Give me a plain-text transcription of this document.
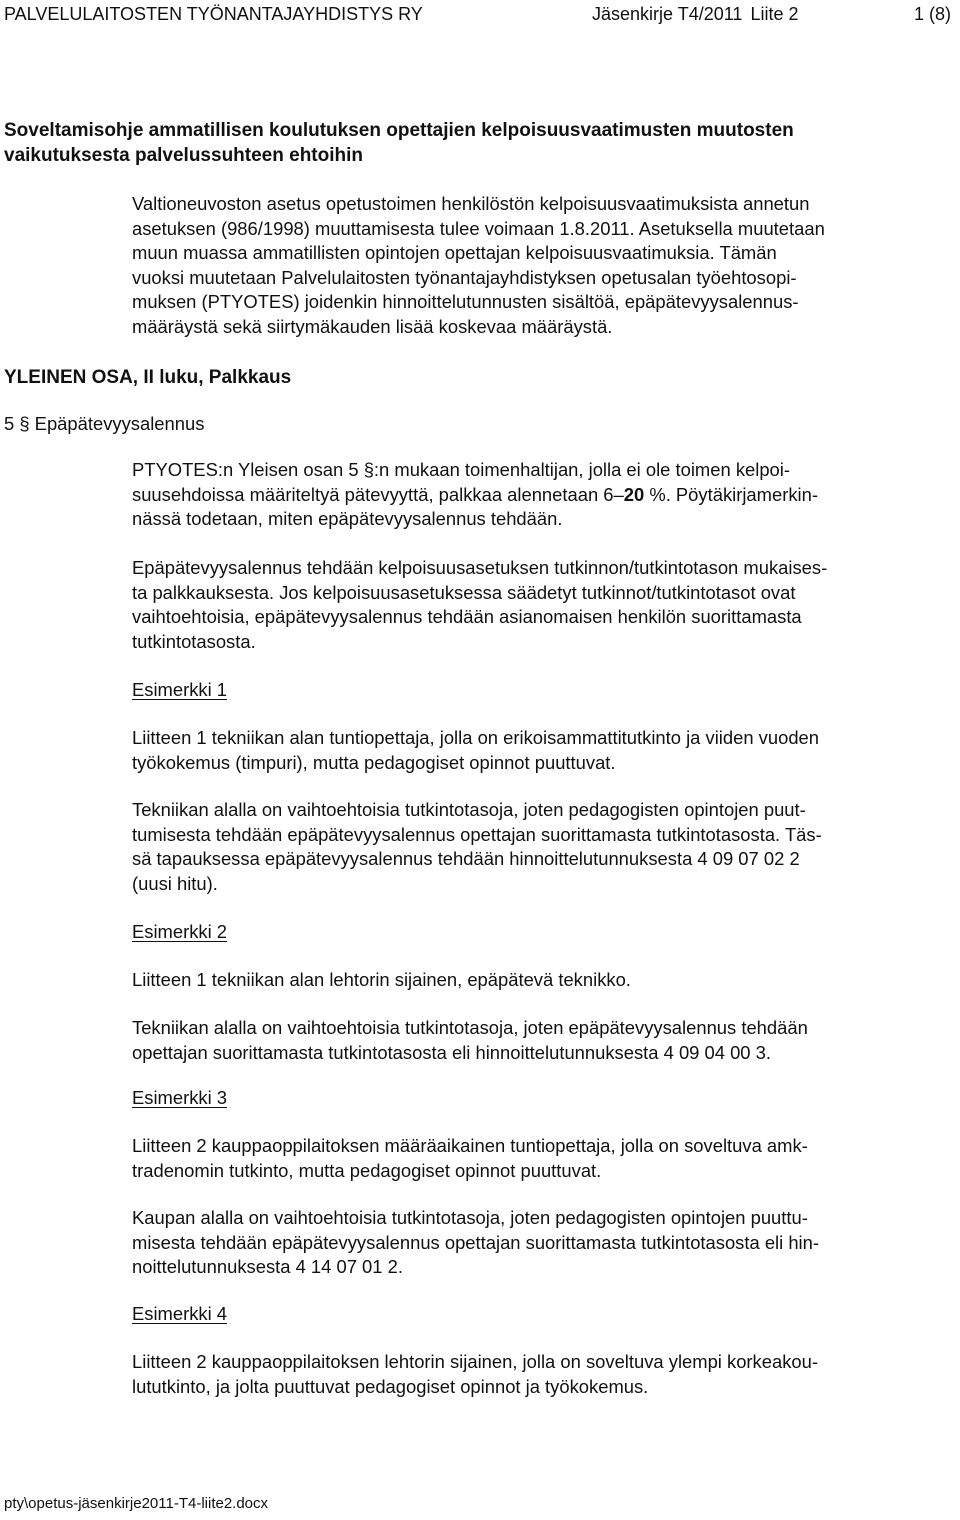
PALVELULAITOSTEN TYÖNANTAJAYHDISTYS RY	Jäsenkirje T4/2011 Liite 2	1 (8)
Soveltamisohje ammatillisen koulutuksen opettajien kelpoisuusvaatimusten muutosten
vaikutuksesta palvelussuhteen ehtoihin
Valtioneuvoston asetus opetustoimen henkilöstön kelpoisuusvaatimuksista annetun
asetuksen (986/1998) muuttamisesta tulee voimaan 1.8.2011. Asetuksella muutetaan
muun muassa ammatillisten opintojen opettajan kelpoisuusvaatimuksia. Tämän
vuoksi muutetaan Palvelulaitosten työnantajayhdistyksen opetusalan työehtosopi-
muksen (PTYOTES) joidenkin hinnoittelutunnusten sisältöä, epäpätevyysalennus-
määräystä sekä siirtymäkauden lisää koskevaa määräystä.
YLEINEN OSA, II luku, Palkkaus
5 § Epäpätevyysalennus
PTYOTES:n Yleisen osan 5 §:n mukaan toimenhaltijan, jolla ei ole toimen kelpoi-
suusehdoissa määriteltyä pätevyyttä, palkkaa alennetaan 6–20 %. Pöytäkirjamerkin-
nässä todetaan, miten epäpätevyysalennus tehdään.
Epäpätevyysalennus tehdään kelpoisuusasetuksen tutkinnon/tutkintotason mukaises-
ta palkkauksesta. Jos kelpoisuusasetuksessa säädetyt tutkinnot/tutkintotasot ovat
vaihtoehtoisia, epäpätevyysalennus tehdään asianomaisen henkilön suorittamasta
tutkintotasosta.
Esimerkki 1
Liitteen 1 tekniikan alan tuntiopettaja, jolla on erikoisammattitutkinto ja viiden vuoden
työkokemus (timpuri), mutta pedagogiset opinnot puuttuvat.
Tekniikan alalla on vaihtoehtoisia tutkintotasoja, joten pedagogisten opintojen puut-
tumisesta tehdään epäpätevyysalennus opettajan suorittamasta tutkintotasosta. Täs-
sä tapauksessa epäpätevyysalennus tehdään hinnoittelutunnuksesta 4 09 07 02 2
(uusi hitu).
Esimerkki 2
Liitteen 1 tekniikan alan lehtorin sijainen, epäpätevä teknikko.
Tekniikan alalla on vaihtoehtoisia tutkintotasoja, joten epäpätevyysalennus tehdään
opettajan suorittamasta tutkintotasosta eli hinnoittelutunnuksesta 4 09 04 00 3.
Esimerkki 3
Liitteen 2 kauppaoppilaitoksen määräaikainen tuntiopettaja, jolla on soveltuva amk-
tradenomin tutkinto, mutta pedagogiset opinnot puuttuvat.
Kaupan alalla on vaihtoehtoisia tutkintotasoja, joten pedagogisten opintojen puuttu-
misesta tehdään epäpätevyysalennus opettajan suorittamasta tutkintotasosta eli hin-
noittelutunnuksesta 4 14 07 01 2.
Esimerkki 4
Liitteen 2 kauppaoppilaitoksen lehtorin sijainen, jolla on soveltuva ylempi korkeakou-
lututkinto, ja jolta puuttuvat pedagogiset opinnot ja työkokemus.
pty\opetus-jäsenkirje2011-T4-liite2.docx
